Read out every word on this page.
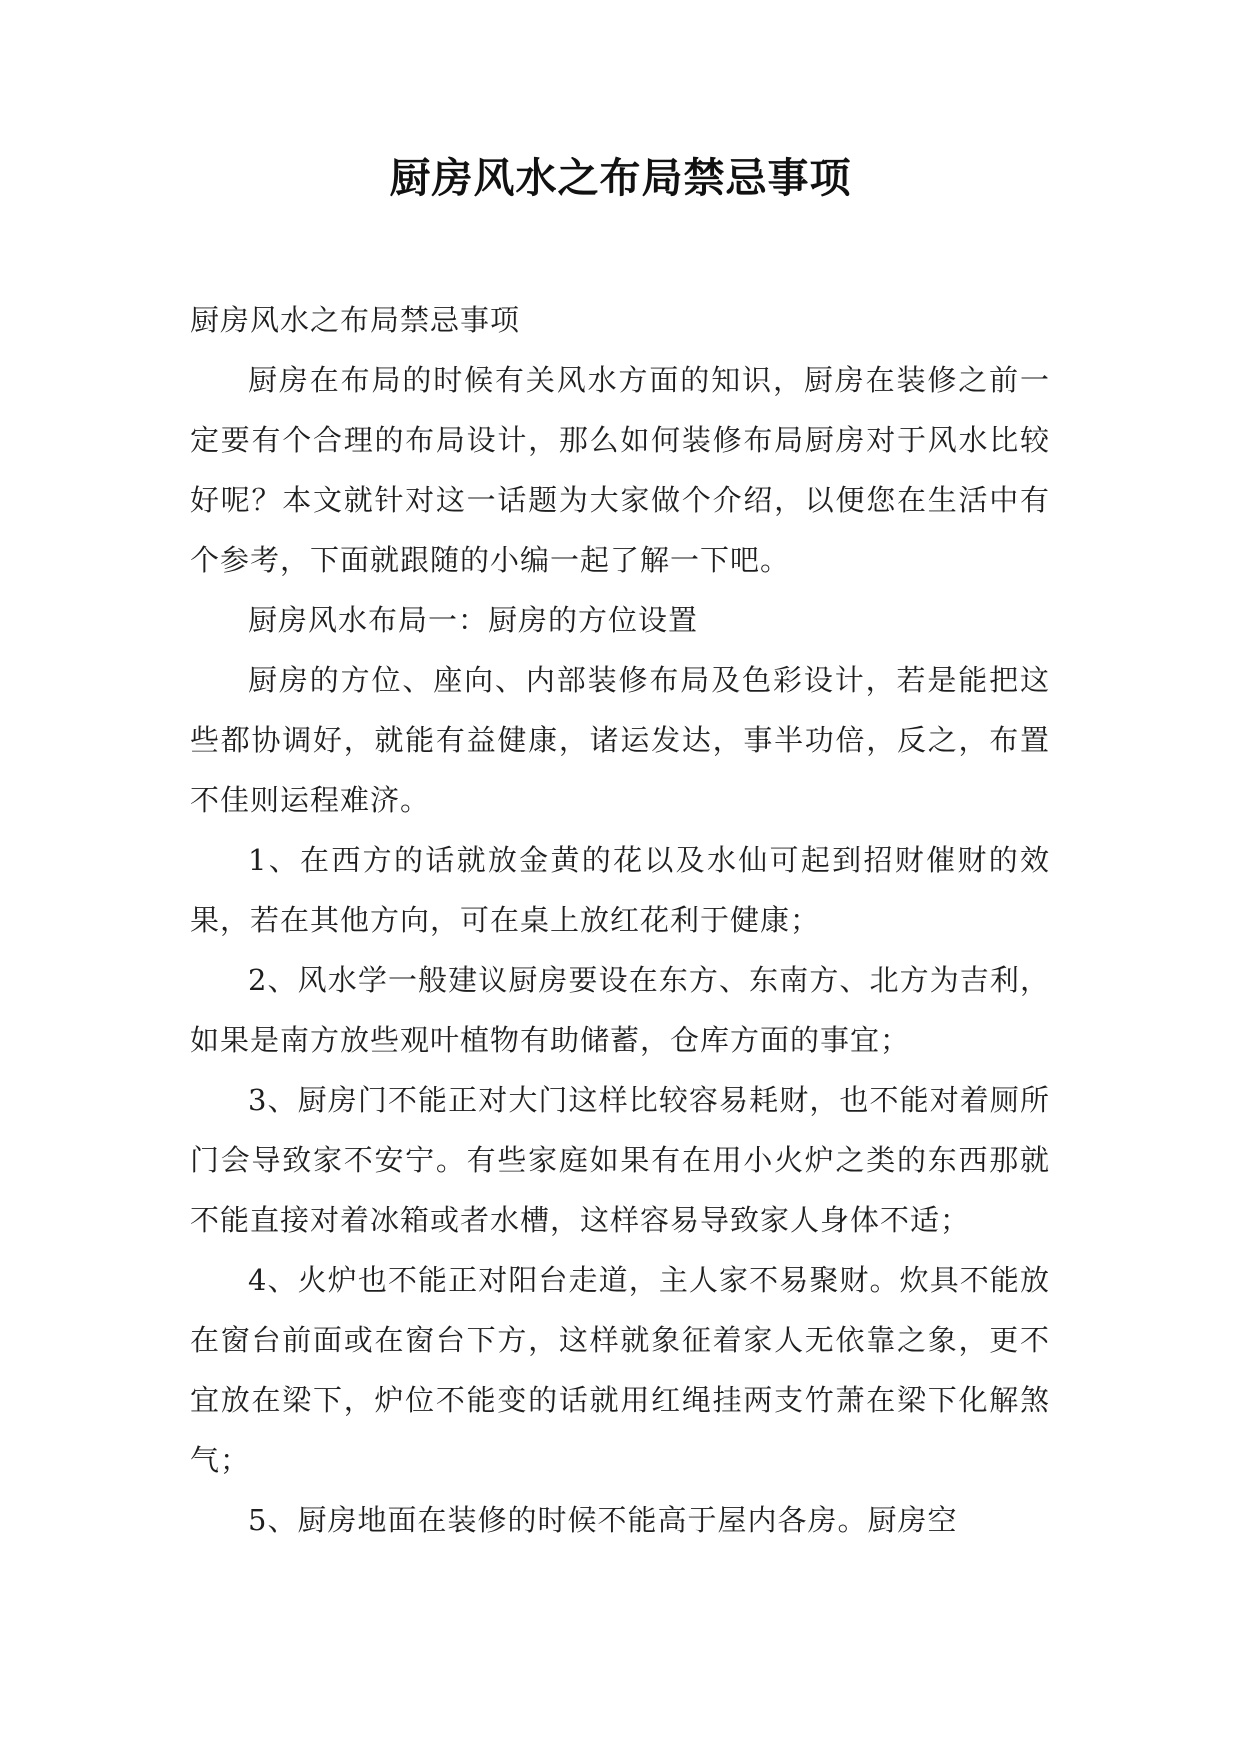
厨房风水之布局禁忌事项

厨房风水之布局禁忌事项

厨房在布局的时候有关风水方面的知识，厨房在装修之前一定要有个合理的布局设计，那么如何装修布局厨房对于风水比较好呢？本文就针对这一话题为大家做个介绍，以便您在生活中有个参考，下面就跟随的小编一起了解一下吧。

厨房风水布局一：厨房的方位设置

厨房的方位、座向、内部装修布局及色彩设计，若是能把这些都协调好，就能有益健康，诸运发达，事半功倍，反之，布置不佳则运程难济。

1、在西方的话就放金黄的花以及水仙可起到招财催财的效果，若在其他方向，可在桌上放红花利于健康；

2、风水学一般建议厨房要设在东方、东南方、北方为吉利，如果是南方放些观叶植物有助储蓄，仓库方面的事宜；

3、厨房门不能正对大门这样比较容易耗财，也不能对着厕所门会导致家不安宁。有些家庭如果有在用小火炉之类的东西那就不能直接对着冰箱或者水槽，这样容易导致家人身体不适；

4、火炉也不能正对阳台走道，主人家不易聚财。炊具不能放在窗台前面或在窗台下方，这样就象征着家人无依靠之象，更不宜放在梁下，炉位不能变的话就用红绳挂两支竹萧在梁下化解煞气；

5、厨房地面在装修的时候不能高于屋内各房。厨房空
